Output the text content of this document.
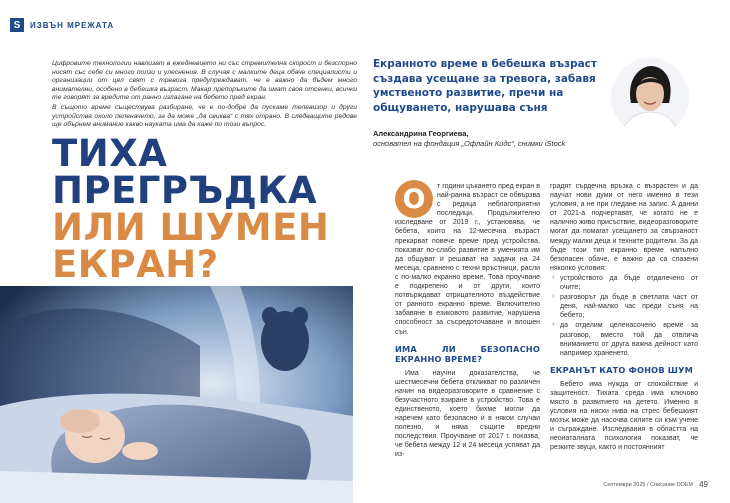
S	ИЗВЪН МРЕЖАТА

Цифровите технологии навлизат в ежедневието ни със стремителна скорост и безспорно носят със себе си много ползи и улеснения. В случая с малките деца обаче специалисти и организации от цял свят с тревога предупреждават, че е важно да бъдем много внимателни, особено в бебешка възраст. Макар препоръките да имат своя отсенки, всички те говорят за вредите от ранно излагане на бебето пред екран.

В същото време съществува разбиране, че е по-добре да пускаме телевизор и други устройства около пеленачето, за да може „да свиква“ с тях отрано. В следващите редове ще обърнем внимание какво науката има да каже по този въпрос.

ТИХА
ПРЕГРЪДКА
ИЛИ ШУМЕН
ЕКРАН?
Екранното време в бебешка възраст създава усещане за тревога, забавя умственото развитие, пречи на общуването, нарушава съня
Александрина Георгиева,
основател на фондация „Офлайн Кидс“, снимки iStock
О	т години цъкането пред екран в най-ранна възраст се обвързва с редица неблагоприятни последици. Продължително изследване от 2019 г., установява, че бебета, които на 12-месечна възраст прекарват повече време пред устройства, показват по-слабо развитие в уменията им да общуват и решават на задачи на 24 месеца, сравнено с техни връстници, расли с по-малко екранно време. Това проучване е подкрепено и от други, които потвърждават отрицателното въздействие от ранното екранно време. Включително забавяне в езиковото развитие, нарушена способност за съсредоточаване и влошен сън.

ИМА ЛИ БЕЗОПАСНО ЕКРАННО ВРЕМЕ?

Има научни доказателства, че шестмесечни бебета откликват по различен начин на видеоразговорите в сравнение с безучастното взиране в устройство. Това е единственото, което бихме могли да наречем като безопасно и в някои случаи полезно, и няма същите вредни последствия. Проучване от 2017 г. показва, че бебета между 12 и 24 месеца успяват да из-

градят сърдечна връзка с възрастен и да научат нови думи от него именно в тези условия, а не при гледане на запис. А данни от 2021-а подчертават, че когато не е налично живо присъствие, видеоразговорите могат да помагат усещането за свързаност между малки деца и техните родители. За да бъде този тип екранно време напълно безопасен обаче, е важно да са спазени няколко условия:

› устройството да бъде отдалечено от очите;
› разговорът да бъде в светлата част от деня, най-малко час преди съня на бебето;
› да отделим целенасочено време за разговор, вместо той да отвлича вниманието от друга важна дейност като например храненето.
ЕКРАНЪТ КАТО ФОНОВ ШУМ

Бебето има нужда от спокойствие и защитеност. Тихата среда има ключово място в развитието на детето. Именно в условия на ниски нива на стрес бебешкият мозък може да насочва силите си към учене и съграждане. Изследвания в областта на неонаталната психология показват, че резките звуци, както и постоянният

Септември 2025 / Списание DOEM 49
